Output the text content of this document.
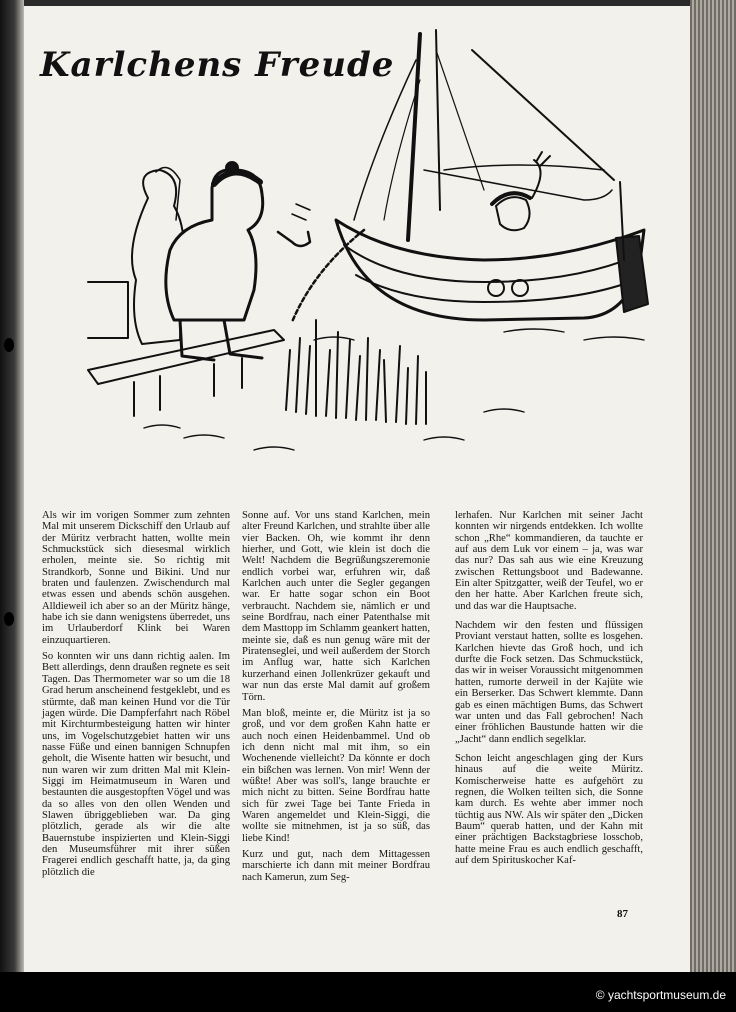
Karlchens Freude

Als wir im vorigen Sommer zum zehnten Mal mit unserem Dickschiff den Urlaub auf der Müritz verbracht hatten, wollte mein Schmuckstück sich diesesmal wirklich erholen, meinte sie. So richtig mit Strandkorb, Sonne und Bikini. Und nur braten und faulenzen. Zwischendurch mal etwas essen und abends schön ausgehen. Alldieweil ich aber so an der Müritz hänge, habe ich sie dann wenigstens überredet, uns im Urlauberdorf Klink bei Waren einzuquartieren.

So konnten wir uns dann richtig aalen. Im Bett allerdings, denn draußen regnete es seit Tagen. Das Thermometer war so um die 18 Grad herum anscheinend festgeklebt, und es stürmte, daß man keinen Hund vor die Tür jagen würde. Die Dampferfahrt nach Röbel mit Kirchturmbesteigung hatten wir hinter uns, im Vogelschutzgebiet hatten wir uns nasse Füße und einen bannigen Schnupfen geholt, die Wisente hatten wir besucht, und nun waren wir zum dritten Mal mit Klein-Siggi im Heimatmuseum in Waren und bestaunten die ausgestopften Vögel und was da so alles von den ollen Wenden und Slawen übriggeblieben war. Da ging plötzlich, gerade als wir die alte Bauernstube inspizierten und Klein-Siggi den Museumsführer mit ihrer süßen Fragerei endlich geschafft hatte, ja, da ging plötzlich die

Sonne auf. Vor uns stand Karlchen, mein alter Freund Karlchen, und strahlte über alle vier Backen. Oh, wie kommt ihr denn hierher, und Gott, wie klein ist doch die Welt! Nachdem die Begrüßungszeremonie endlich vorbei war, erfuhren wir, daß Karlchen auch unter die Segler gegangen war. Er hatte sogar schon ein Boot verbraucht. Nachdem sie, nämlich er und seine Bordfrau, nach einer Patenthalse mit dem Masttopp im Schlamm geankert hatten, meinte sie, daß es nun genug wäre mit der Piratenseglei, und weil außerdem der Storch im Anflug war, hatte sich Karlchen kurzerhand einen Jollenkrüzer gekauft und war nun das erste Mal damit auf großem Törn.

Man bloß, meinte er, die Müritz ist ja so groß, und vor dem großen Kahn hatte er auch noch einen Heidenbammel. Und ob ich denn nicht mal mit ihm, so ein Wochenende vielleicht? Da könnte er doch ein bißchen was lernen. Von mir! Wenn der wüßte! Aber was soll's, lange brauchte er mich nicht zu bitten. Seine Bordfrau hatte sich für zwei Tage bei Tante Frieda in Waren angemeldet und Klein-Siggi, die wollte sie mitnehmen, ist ja so süß, das liebe Kind!

Kurz und gut, nach dem Mittagessen marschierte ich dann mit meiner Bordfrau nach Kamerun, zum Seg-

lerhafen. Nur Karlchen mit seiner Jacht konnten wir nirgends entdekken. Ich wollte schon „Rhe“ kommandieren, da tauchte er auf aus dem Luk vor einem – ja, was war das nur? Das sah aus wie eine Kreuzung zwischen Rettungsboot und Badewanne. Ein alter Spitzgatter, weiß der Teufel, wo er den her hatte. Aber Karlchen freute sich, und das war die Hauptsache.

Nachdem wir den festen und flüssigen Proviant verstaut hatten, sollte es losgehen. Karlchen hievte das Groß hoch, und ich durfte die Fock setzen. Das Schmuckstück, das wir in weiser Voraussicht mitgenommen hatten, rumorte derweil in der Kajüte wie ein Berserker. Das Schwert klemmte. Dann gab es einen mächtigen Bums, das Schwert war unten und das Fall gebrochen! Nach einer fröhlichen Baustunde hatten wir die „Jacht“ dann endlich segelklar.

Schon leicht angeschlagen ging der Kurs hinaus auf die weite Müritz. Komischerweise hatte es aufgehört zu regnen, die Wolken teilten sich, die Sonne kam durch. Es wehte aber immer noch tüchtig aus NW. Als wir später den „Dicken Baum“ querab hatten, und der Kahn mit einer prächtigen Backstagbriese losschob, hatte meine Frau es auch endlich geschafft, auf dem Spirituskocher Kaf-

87
© yachtsportmuseum.de
